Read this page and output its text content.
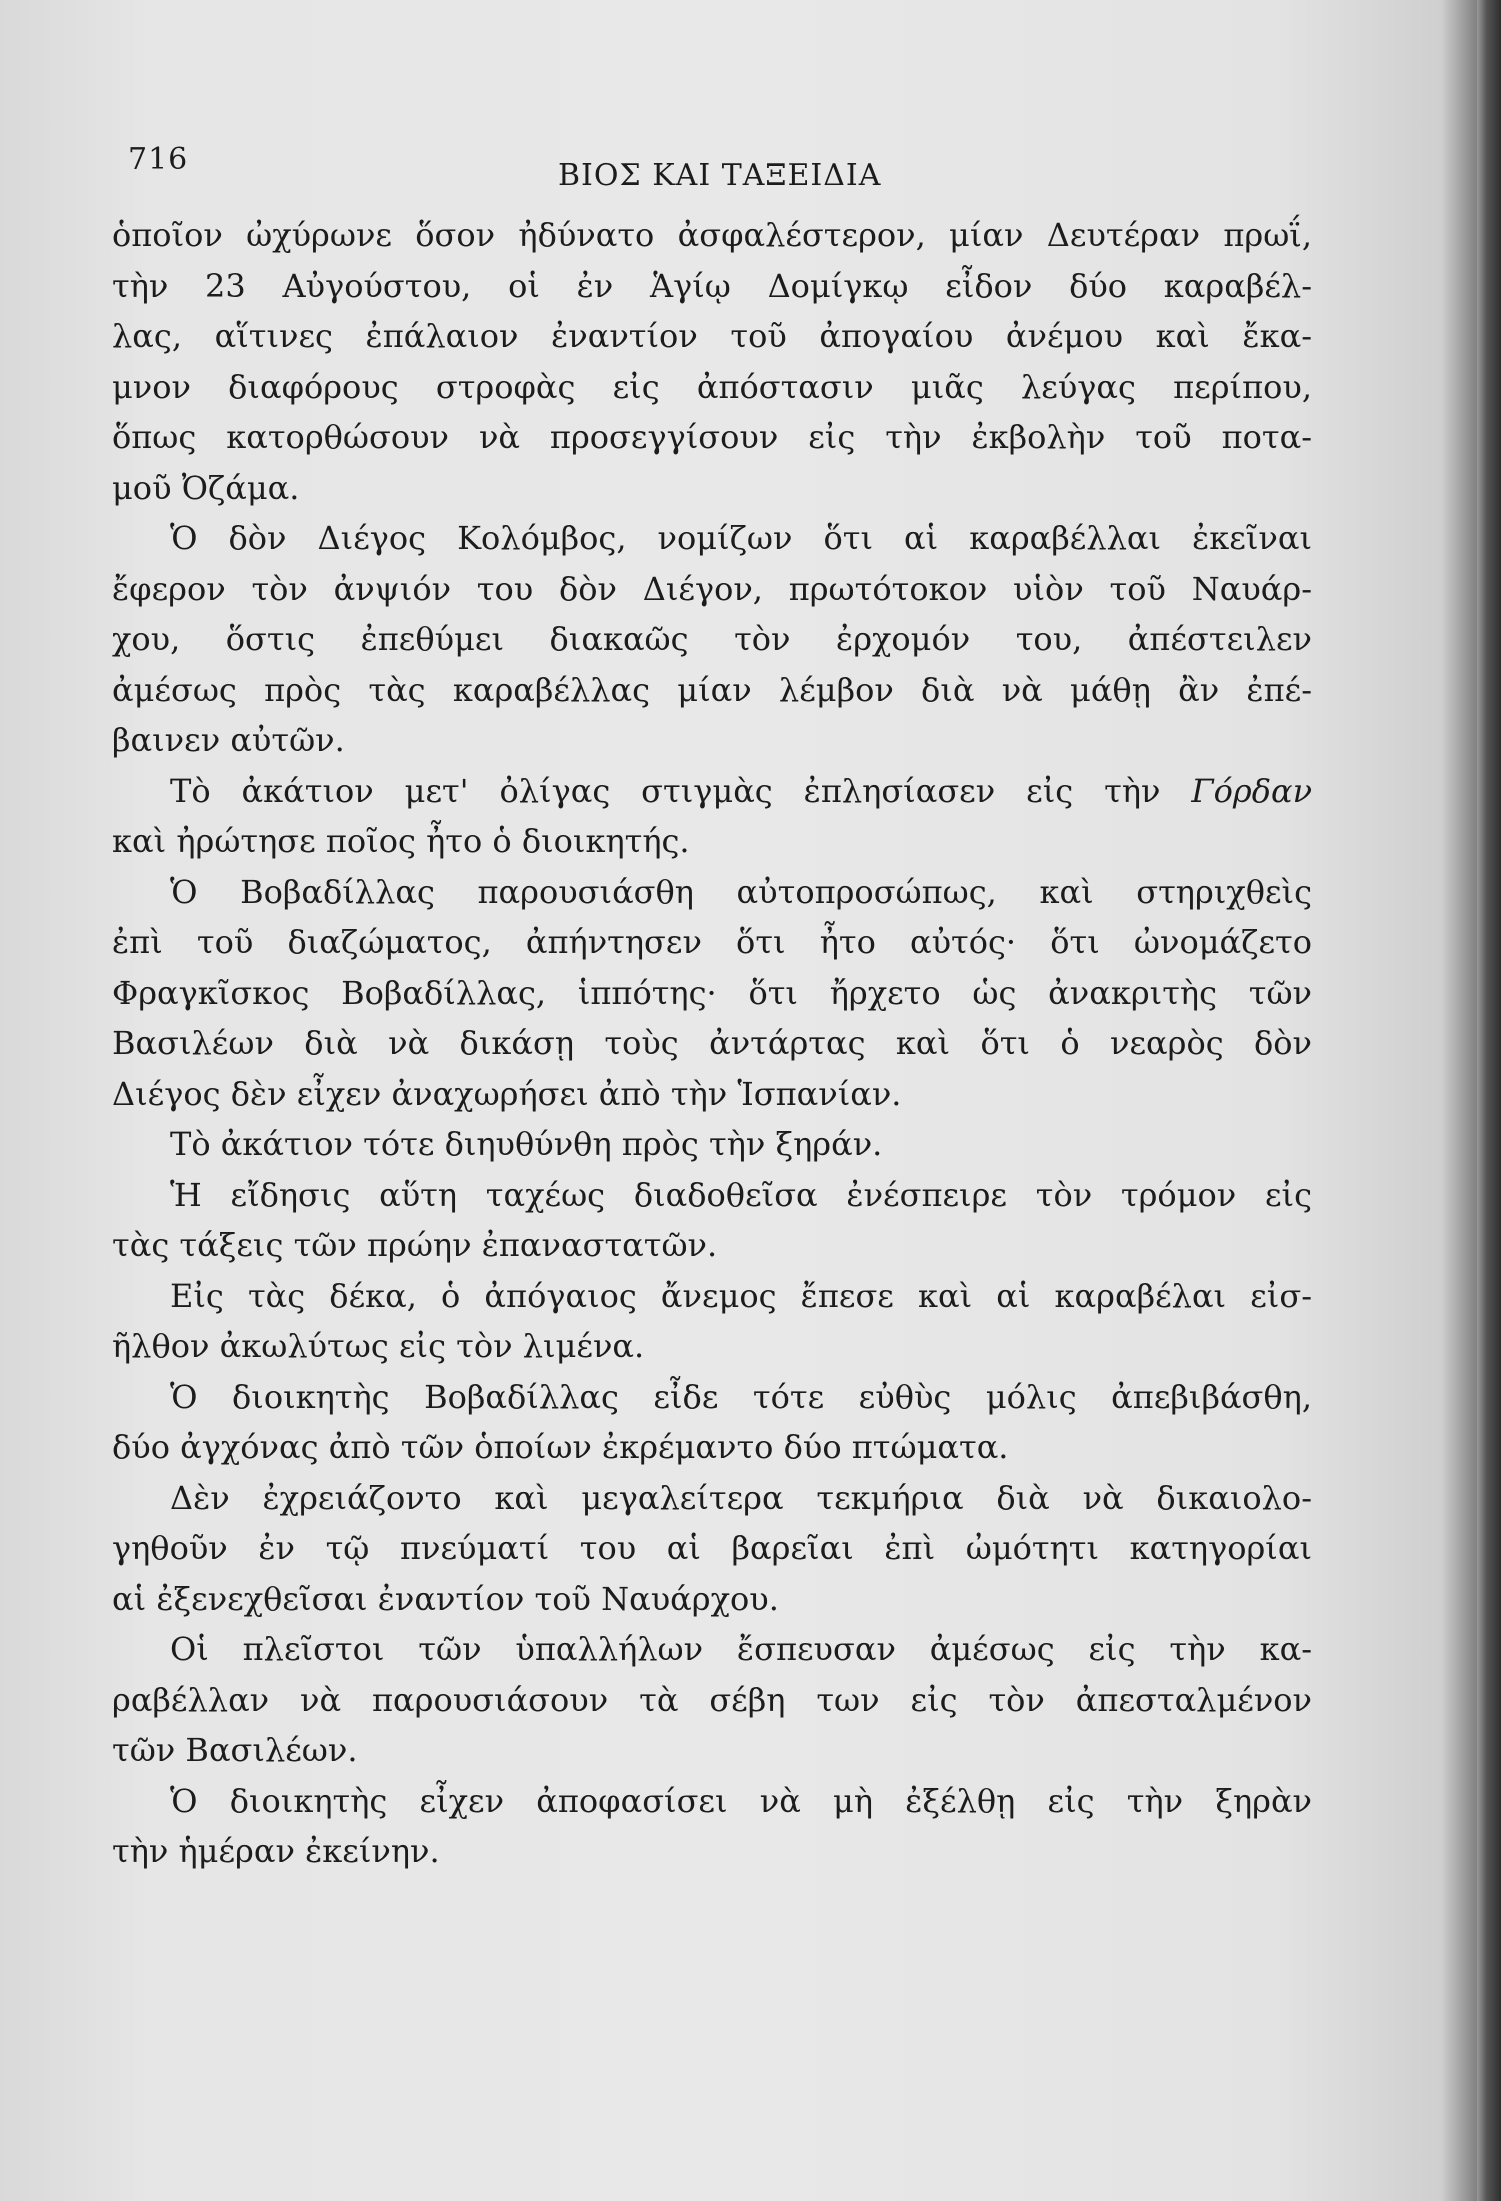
716	ΒΙΟΣ ΚΑΙ ΤΑΞΕΙΔΙΑ
ὁποῖον ὠχύρωνε ὅσον ἠδύνατο ἀσφαλέστερον, μίαν Δευτέραν πρωΐ,
τὴν 23 Αὐγούστου, οἱ ἐν Ἁγίῳ Δομίγκῳ εἶδον δύο καραβέλ-
λας, αἵτινες ἐπάλαιον ἐναντίον τοῦ ἀπογαίου ἀνέμου καὶ ἔκα-
μνον διαφόρους στροφὰς εἰς ἀπόστασιν μιᾶς λεύγας περίπου,
ὅπως κατορθώσουν νὰ προσεγγίσουν εἰς τὴν ἐκβολὴν τοῦ ποτα-
μοῦ Ὀζάμα.
Ὁ δὸν Διέγος Κολόμβος, νομίζων ὅτι αἱ καραβέλλαι ἐκεῖναι
ἔφερον τὸν ἀνψιόν του δὸν Διέγον, πρωτότοκον υἱὸν τοῦ Ναυάρ-
χου, ὅστις ἐπεθύμει διακαῶς τὸν ἐρχομόν του, ἀπέστειλεν
ἀμέσως πρὸς τὰς καραβέλλας μίαν λέμβον διὰ νὰ μάθῃ ἂν ἐπέ-
βαινεν αὐτῶν.
Τὸ ἀκάτιον μετ' ὀλίγας στιγμὰς ἐπλησίασεν εἰς τὴν Γόρδαν
καὶ ἠρώτησε ποῖος ἦτο ὁ διοικητής.
Ὁ Βοβαδίλλας παρουσιάσθη αὐτοπροσώπως, καὶ στηριχθεὶς
ἐπὶ τοῦ διαζώματος, ἀπήντησεν ὅτι ἦτο αὐτός· ὅτι ὠνομάζετο
Φραγκῖσκος Βοβαδίλλας, ἱππότης· ὅτι ἤρχετο ὡς ἀνακριτὴς τῶν
Βασιλέων διὰ νὰ δικάσῃ τοὺς ἀντάρτας καὶ ὅτι ὁ νεαρὸς δὸν
Διέγος δὲν εἶχεν ἀναχωρήσει ἀπὸ τὴν Ἱσπανίαν.
Τὸ ἀκάτιον τότε διηυθύνθη πρὸς τὴν ξηράν.
Ἡ εἴδησις αὕτη ταχέως διαδοθεῖσα ἐνέσπειρε τὸν τρόμον εἰς
τὰς τάξεις τῶν πρώην ἐπαναστατῶν.
Εἰς τὰς δέκα, ὁ ἀπόγαιος ἄνεμος ἔπεσε καὶ αἱ καραβέλαι εἰσ-
ῆλθον ἀκωλύτως εἰς τὸν λιμένα.
Ὁ διοικητὴς Βοβαδίλλας εἶδε τότε εὐθὺς μόλις ἀπεβιβάσθη,
δύο ἀγχόνας ἀπὸ τῶν ὁποίων ἐκρέμαντο δύο πτώματα.
Δὲν ἐχρειάζοντο καὶ μεγαλείτερα τεκμήρια διὰ νὰ δικαιολο-
γηθοῦν ἐν τῷ πνεύματί του αἱ βαρεῖαι ἐπὶ ὠμότητι κατηγορίαι
αἱ ἐξενεχθεῖσαι ἐναντίον τοῦ Ναυάρχου.
Οἱ πλεῖστοι τῶν ὑπαλλήλων ἔσπευσαν ἀμέσως εἰς τὴν κα-
ραβέλλαν νὰ παρουσιάσουν τὰ σέβη των εἰς τὸν ἀπεσταλμένον
τῶν Βασιλέων.
Ὁ διοικητὴς εἶχεν ἀποφασίσει νὰ μὴ ἐξέλθῃ εἰς τὴν ξηρὰν
τὴν ἡμέραν ἐκείνην.
